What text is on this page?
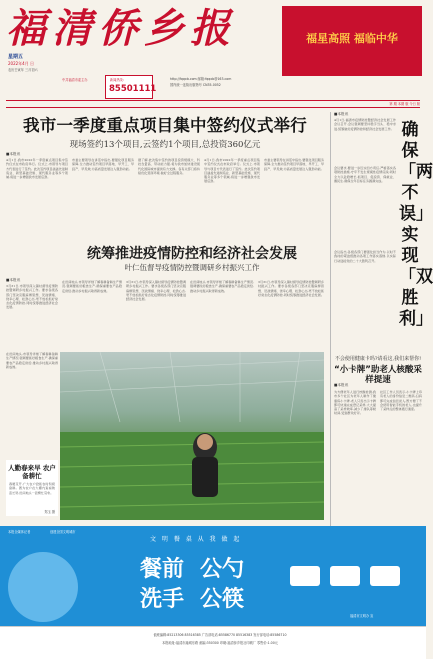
福清侨乡报
星期五
2022年4月 日
农历壬寅年 三月初六
中共福清市委主办	新闻热线:
85501111
http://fqqxb.com 邮箱:fqqxb@163.com
国内统一连续出版物号 CN35-0052
福星高照 福临中华
第 期 本期 版 今日 版
我市一季度重点项目集中签约仪式举行
现场签约13个项目,云签约1个项目,总投资360亿元
■本报讯
4月1日,我市2022年一季度重点项目集中签约仪式在市政府举行。仪式上,市领导与项目方代表进行了签约。此次签约项目涵盖先进制造业、新型基础设施、现代服务业等多个领域,将进一步增强我市发展后劲。
市委主要领导在讲话中指出,要强化项目服务保障,全力推动签约项目早落地、早开工、早投产、早见效,为高质量发展注入强劲动能。
据了解,此次集中签约的项目投资规模大、科技含量高、带动能力强,将为我市加快建设现代化国际城市提供有力支撑。各有关部门将持续优化营商环境,做好全过程服务。
4月1日,我市2022年一季度重点项目集中签约仪式在市政府举行。仪式上,市领导与项目方代表进行了签约。此次签约项目涵盖先进制造业、新型基础设施、现代服务业等多个领域,将进一步增强我市发展后劲。
市委主要领导在讲话中指出,要强化项目服务保障,全力推动签约项目早落地、早开工、早投产、早见效,为高质量发展注入强劲动能。
统筹推进疫情防控和经济社会发展
叶仁伍督导疫情防控暨调研乡村振兴工作
■本报讯
3月31日,市领导深入镇村督导疫情防控暨调研乡村振兴工作。要求各级各部门坚决克服麻痹思想、厌战情绪、侥幸心理、松劲心态,毫不放松抓好常态化疫情防控,同时统筹推进经济社会发展。
在田间地头,市领导详细了解春耕备耕生产情况,强调要抓好粮食生产,确保重要农产品稳定供给,推动乡村振兴取得新成效。
3月31日,市领导深入镇村督导疫情防控暨调研乡村振兴工作。要求各级各部门坚决克服麻痹思想、厌战情绪、侥幸心理、松劲心态,毫不放松抓好常态化疫情防控,同时统筹推进经济社会发展。
在田间地头,市领导详细了解春耕备耕生产情况,强调要抓好粮食生产,确保重要农产品稳定供给,推动乡村振兴取得新成效。
3月31日,市领导深入镇村督导疫情防控暨调研乡村振兴工作。要求各级各部门坚决克服麻痹思想、厌战情绪、侥幸心理、松劲心态,毫不放松抓好常态化疫情防控,同时统筹推进经济社会发展。
人勤春来早 农户备耕忙
春暖花开,广大农户抢抓农时积极备耕。图为农户在大棚内查看秧苗长势,田间地头一派繁忙景象。
郑玉 摄
■本报讯
4月1日,福清市疫情防控暨经济社会发展工作会议召开,会议强调要坚持稳字当头、稳中求进,统筹做好疫情防控和经济社会发展工作。 确保「两不误」实现「双胜利」
会议要求,要进一步压实四方责任,严格落实各项防控措施,守牢不发生规模性疫情底线;同时全力以赴稳增长,抓项目、促投资、保就业、惠民生,确保全年目标任务圆满完成。
会议指出,各级各部门要强化担当作为,以时不我待的紧迫感推动各项工作落实落细,以实际行动迎接党的二十大胜利召开。
不会使用健康卡吗?请看这,我们来帮你!
“小卡牌”助老人核酸采样提速
■本报讯
为方便老年人进行核酸检测,我市多个社区为老年人制作了健康码小卡牌,老人只需出示卡牌即可快速完成登记采样,大大提高了采样效率,减少了排队等候时间,受到群众好评。
社区工作人员表示,小卡牌上印有老人的身份信息二维码,扫码即可完成信息录入,既方便了不会使用智能手机的老人,也提升了采样点的整体通行速度。
在田间地头,市领导详细了解春耕备耕生产情况,强调要抓好粮食生产,确保重要农产品稳定供给,推动乡村振兴取得新成效。
本报全媒体记者	创建全国文明城市
文 明 餐 桌 从 我 做 起
餐前
洗手
公勺
公筷
福清市文明办 宣
值班编辑:85213306 85516385 广告部电话:85586770 85516383 发行部电话:85586710
本报地址:福清市融城东路 邮编:350300 印刷:福清侨乡报社印刷厂 零售价:1.00元
